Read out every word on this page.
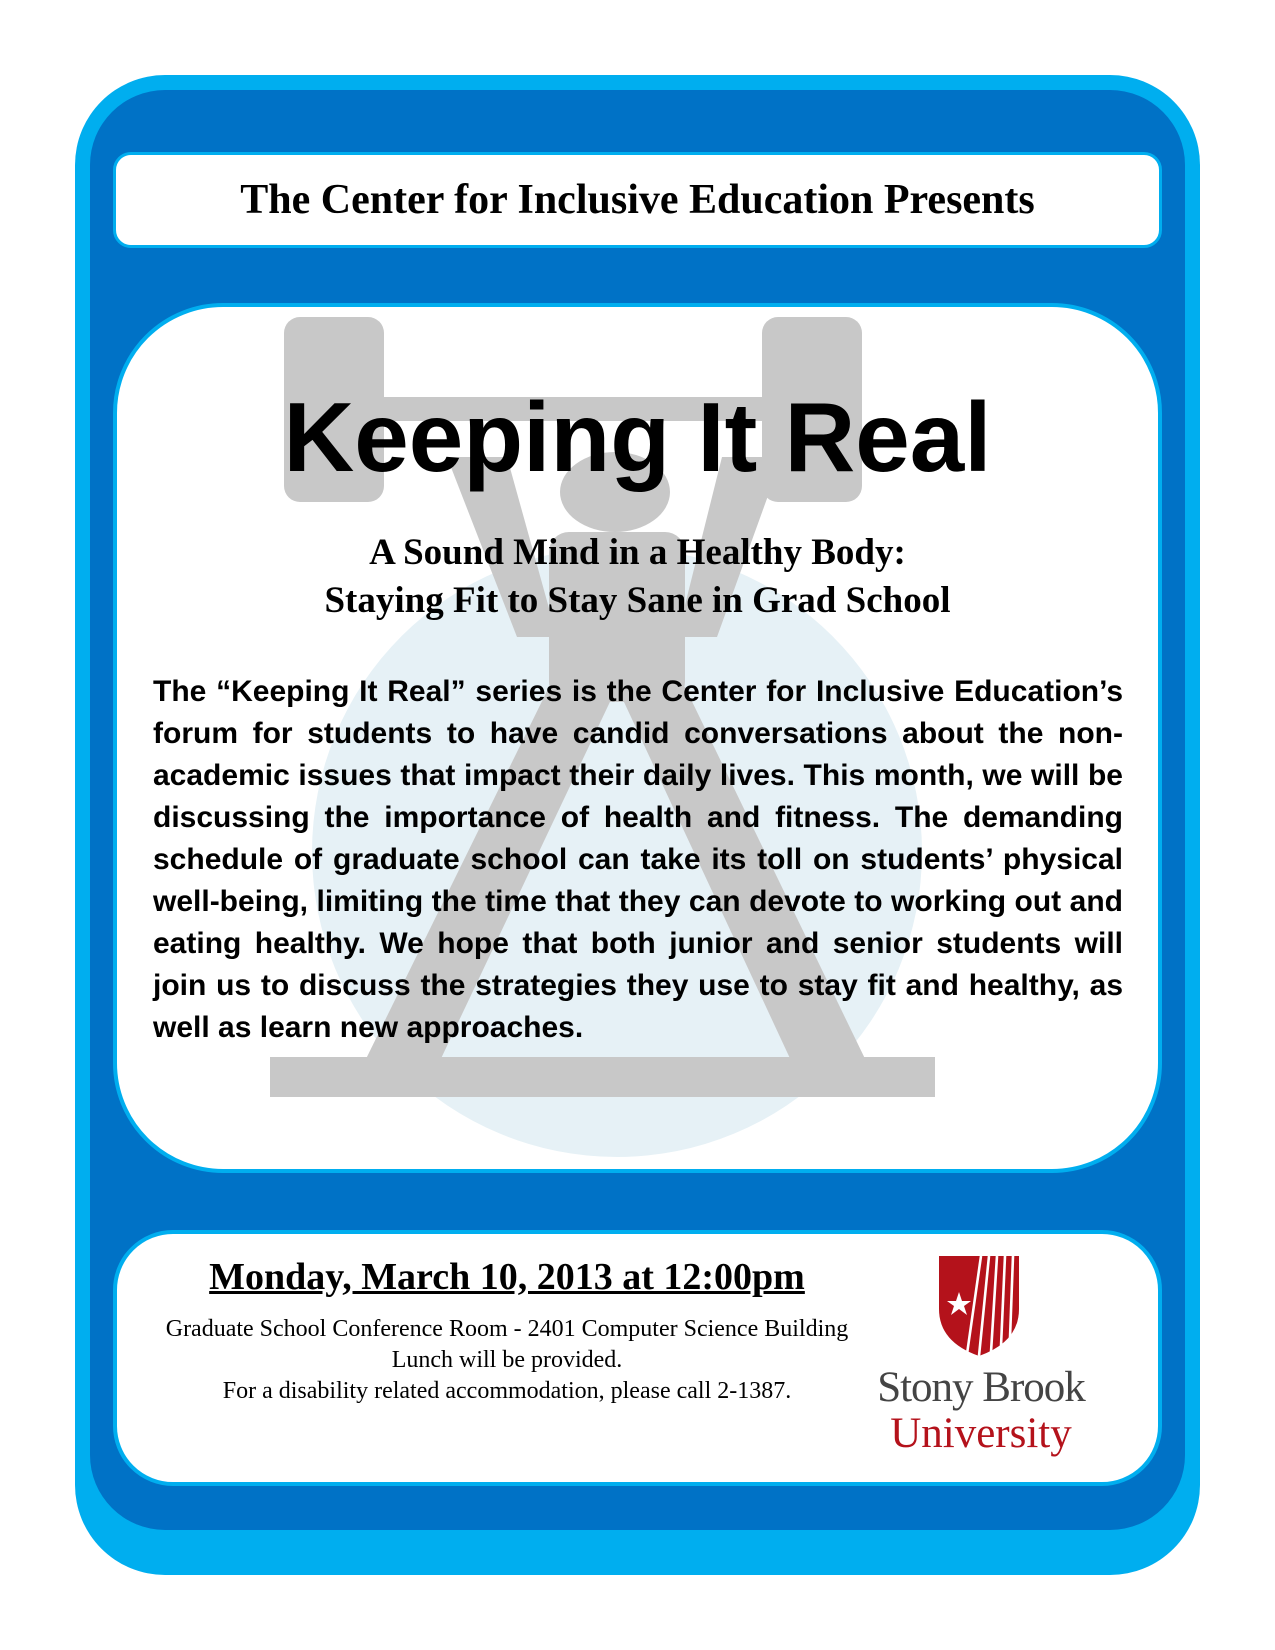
The Center for Inclusive Education Presents
Keeping It Real
A Sound Mind in a Healthy Body:
Staying Fit to Stay Sane in Grad School

The “Keeping It Real” series is the Center for Inclusive Education’s forum for students to have candid conversations about the non-academic issues that impact their daily lives. This month, we will be discussing the importance of health and fitness. The demanding schedule of graduate school can take its toll on students’ physical well-being, limiting the time that they can devote to working out and eating healthy. We hope that both junior and senior students will join us to discuss the strategies they use to stay fit and healthy, as well as learn new approaches.

Monday, March 10, 2013 at 12:00pm
Graduate School Conference Room - 2401 Computer Science Building
Lunch will be provided.
For a disability related accommodation, please call 2-1387.	Stony Brook
University
